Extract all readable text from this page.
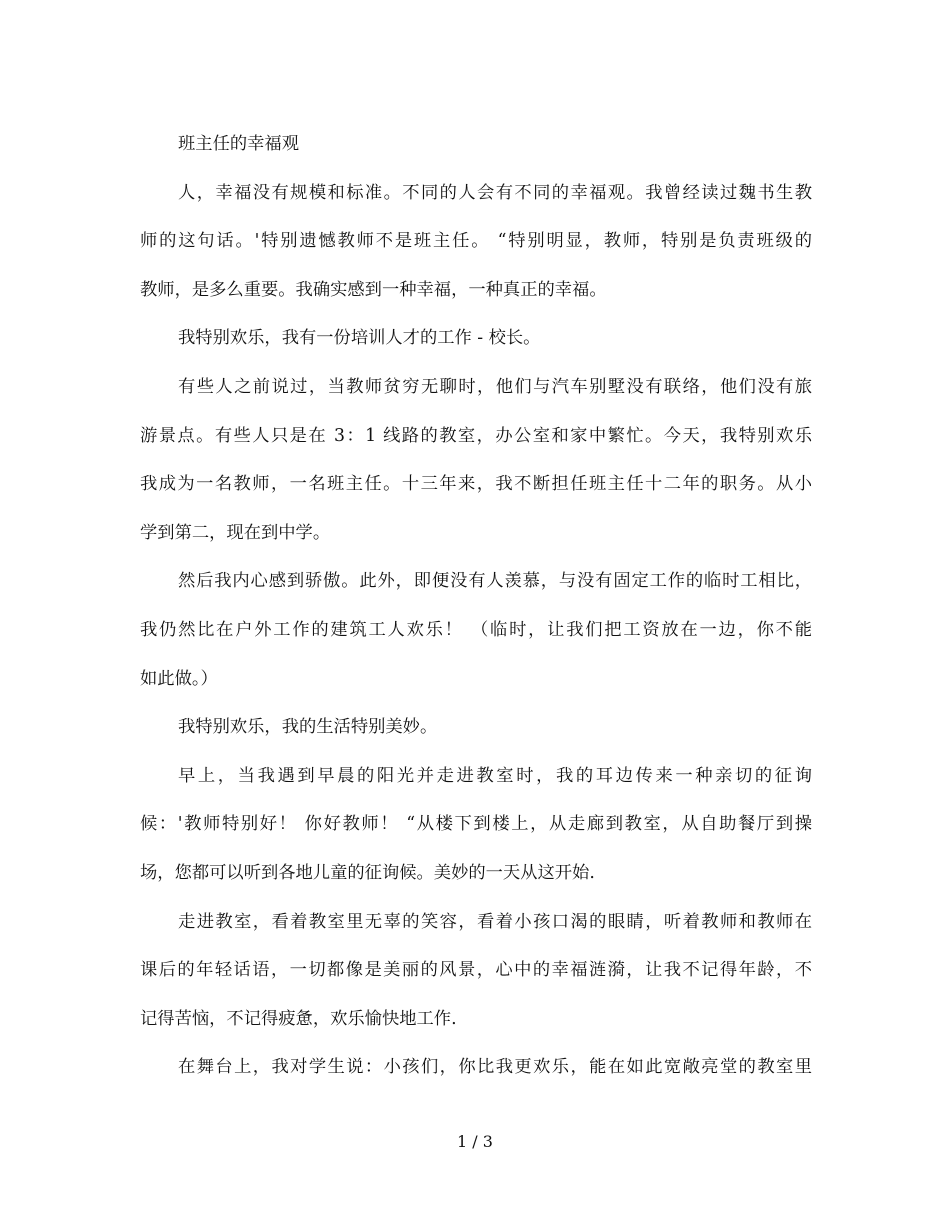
班主任的幸福观
人，幸福没有规模和标准。不同的人会有不同的幸福观。我曾经读过魏书生教
师的这句话。'特别遗憾教师不是班主任。 “特别明显，教师，特别是负责班级的
教师，是多么重要。我确实感到一种幸福，一种真正的幸福。
我特别欢乐，我有一份培训人才的工作 - 校长。
有些人之前说过，当教师贫穷无聊时，他们与汽车别墅没有联络，他们没有旅
游景点。有些人只是在 3：1 线路的教室，办公室和家中繁忙。今天，我特别欢乐
我成为一名教师，一名班主任。十三年来，我不断担任班主任十二年的职务。从小
学到第二，现在到中学。
然后我内心感到骄傲。此外，即便没有人羡慕，与没有固定工作的临时工相比，
我仍然比在户外工作的建筑工人欢乐！ （临时，让我们把工资放在一边，你不能
如此做。）
我特别欢乐，我的生活特别美妙。
早上，当我遇到早晨的阳光并走进教室时，我的耳边传来一种亲切的征询
候：'教师特别好！ 你好教师！ “从楼下到楼上，从走廊到教室，从自助餐厅到操
场，您都可以听到各地儿童的征询候。美妙的一天从这开始.
走进教室，看着教室里无辜的笑容，看着小孩口渴的眼睛，听着教师和教师在
课后的年轻话语，一切都像是美丽的风景，心中的幸福涟漪，让我不记得年龄，不
记得苦恼，不记得疲惫，欢乐愉快地工作.
在舞台上，我对学生说：小孩们，你比我更欢乐，能在如此宽敞亮堂的教室里
1 / 3
